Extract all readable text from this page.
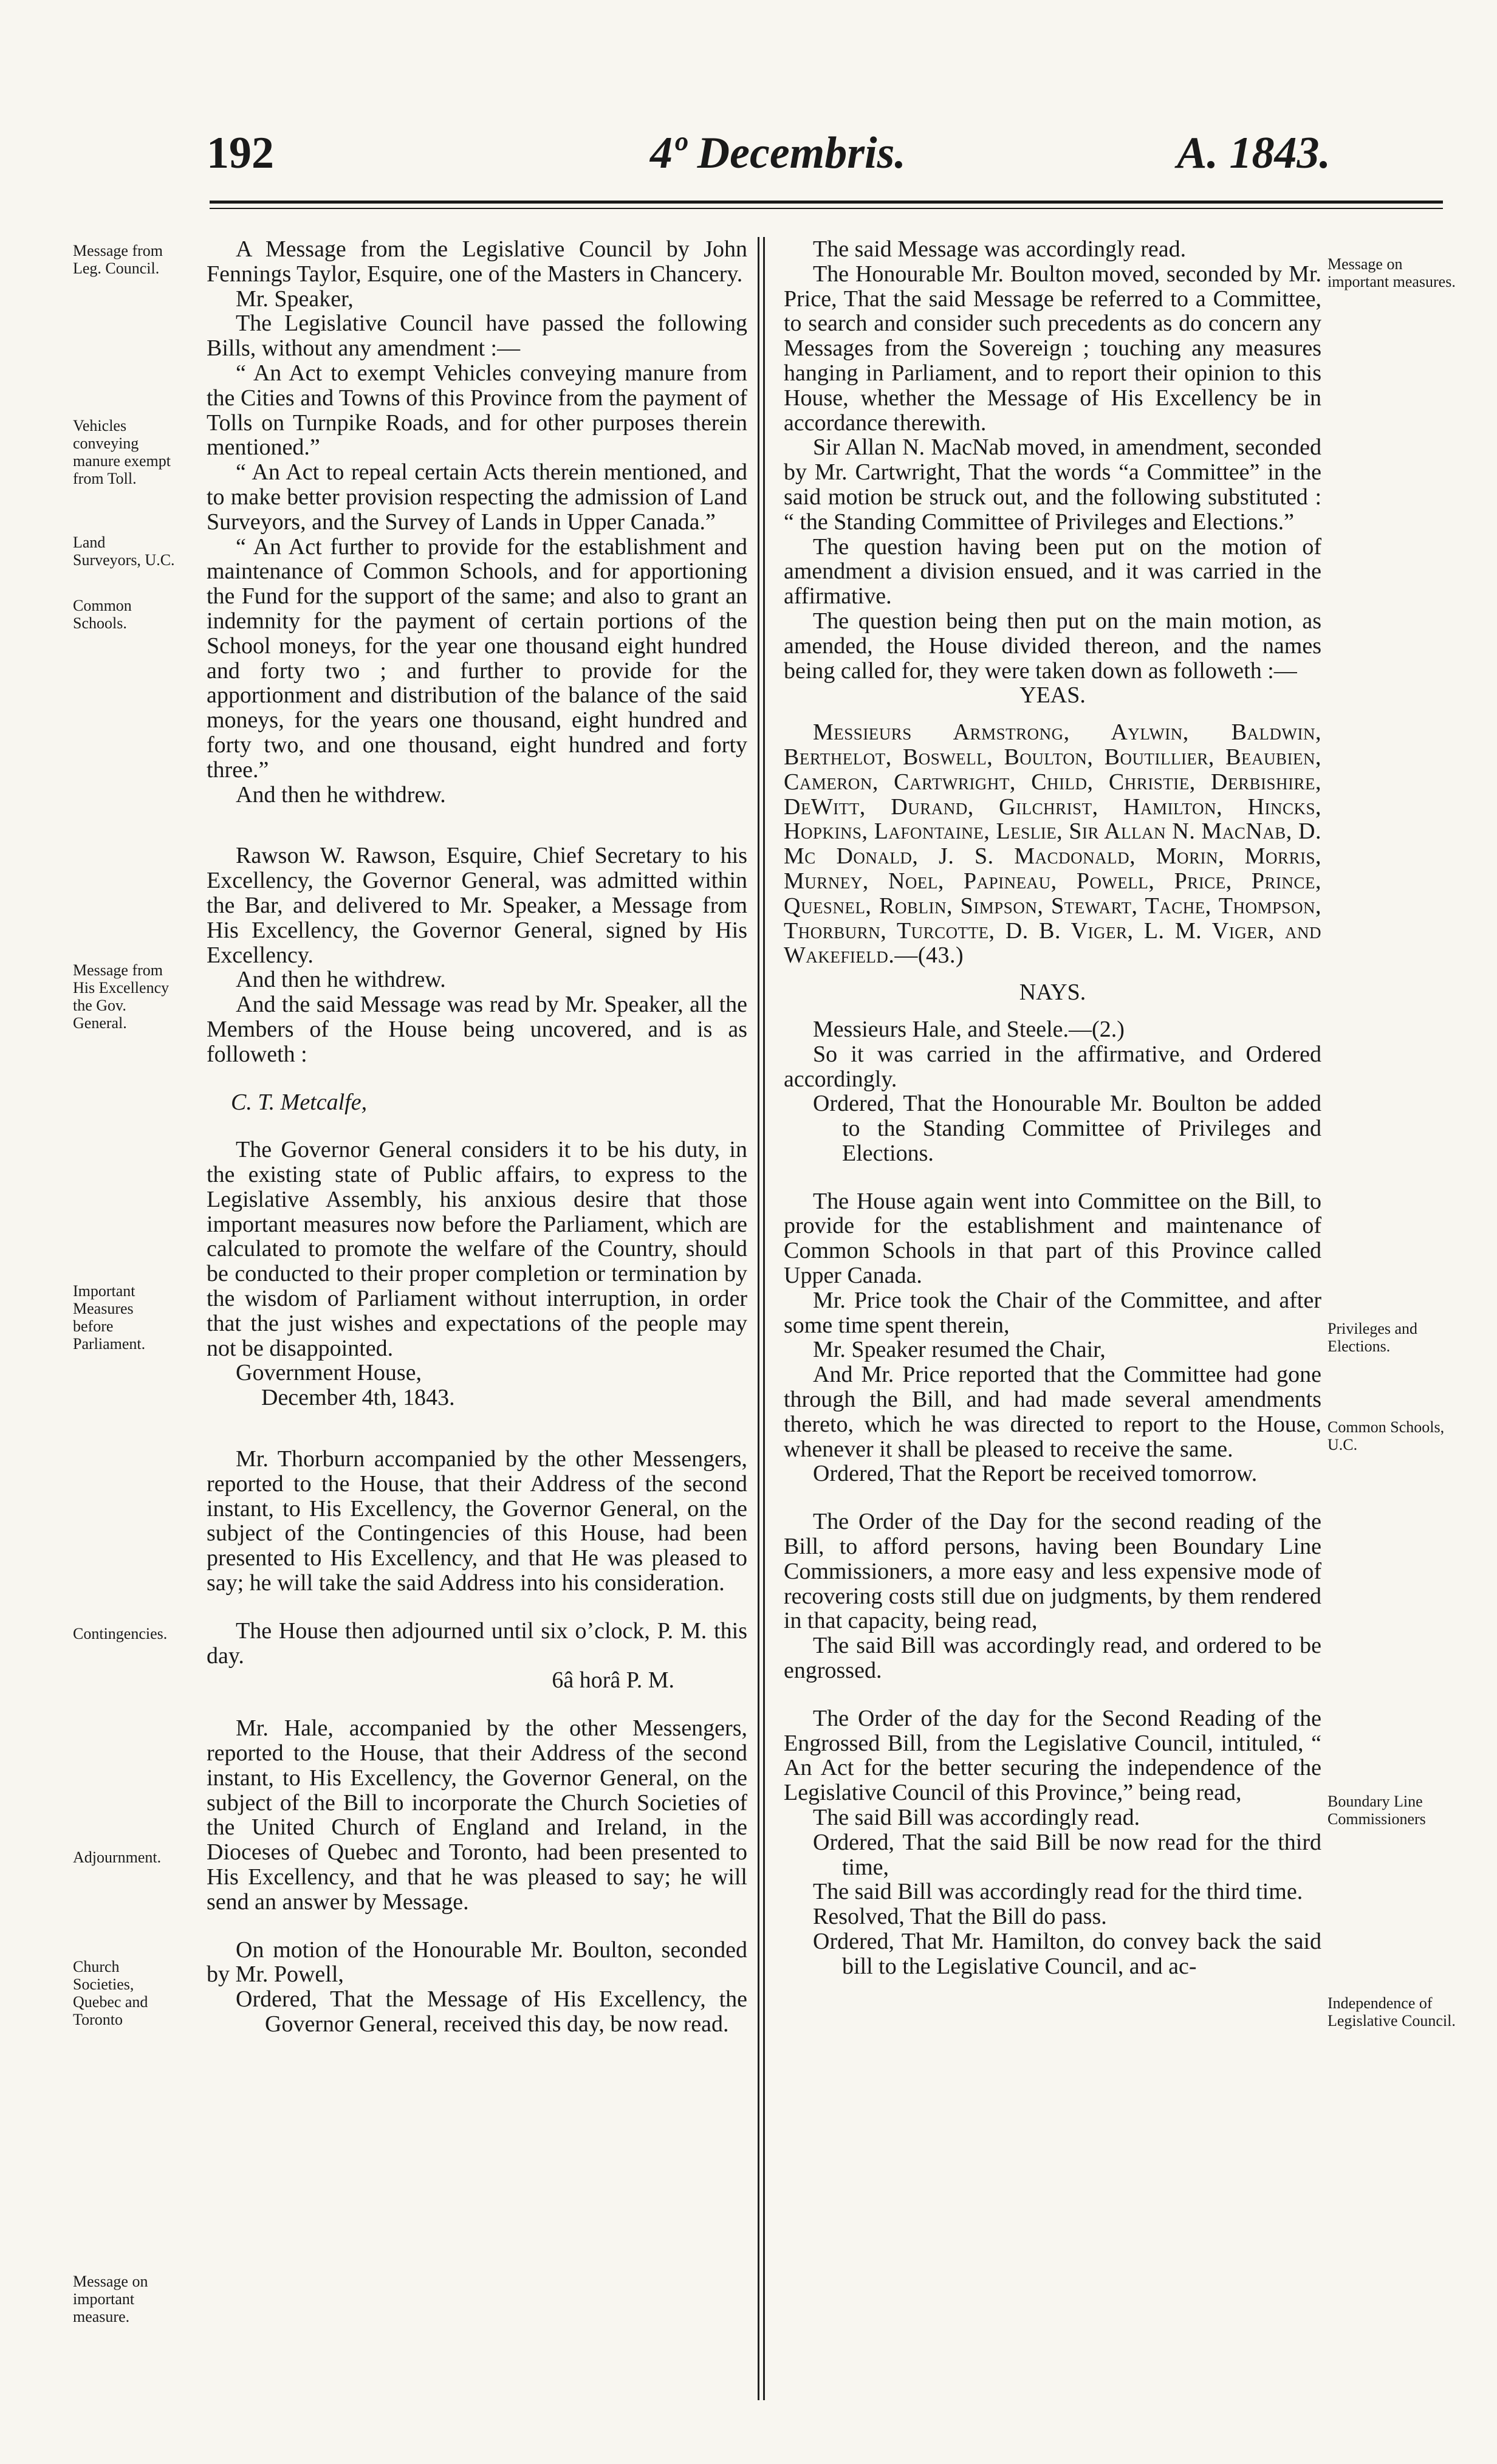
192	4º Decembris.	A. 1843.
Message from Leg. Council.
Vehicles conveying manure exempt from Toll.
Land Surveyors, U.C.
Common Schools.
Message from His Excellency the Gov. General.
Important Measures before Parliament.
Contingencies.
Adjournment.
Church Societies, Quebec and Toronto
Message on important measure.
Message on important measures.
Privileges and Elections.
Common Schools, U.C.
Boundary Line Commissioners
Independence of Legislative Council.

A Message from the Legislative Council by John Fennings Taylor, Esquire, one of the Masters in Chancery.

Mr. Speaker,

The Legislative Council have passed the following Bills, without any amendment :—

“ An Act to exempt Vehicles conveying manure from the Cities and Towns of this Province from the payment of Tolls on Turnpike Roads, and for other purposes therein mentioned.”

“ An Act to repeal certain Acts therein mentioned, and to make better provision respecting the admission of Land Surveyors, and the Survey of Lands in Upper Canada.”

“ An Act further to provide for the establishment and maintenance of Common Schools, and for apportioning the Fund for the support of the same; and also to grant an indemnity for the payment of certain portions of the School moneys, for the year one thousand eight hundred and forty two ; and further to provide for the apportionment and distribution of the balance of the said moneys, for the years one thousand, eight hundred and forty two, and one thousand, eight hundred and forty three.”

And then he withdrew.

Rawson W. Rawson, Esquire, Chief Secretary to his Excellency, the Governor General, was admitted within the Bar, and delivered to Mr. Speaker, a Message from His Excellency, the Governor General, signed by His Excellency.

And then he withdrew.

And the said Message was read by Mr. Speaker, all the Members of the House being uncovered, and is as followeth :

C. T. Metcalfe,

The Governor General considers it to be his duty, in the existing state of Public affairs, to express to the Legislative Assembly, his anxious desire that those important measures now before the Parliament, which are calculated to promote the welfare of the Country, should be conducted to their proper completion or termination by the wisdom of Parliament without interruption, in order that the just wishes and expectations of the people may not be disappointed.

Government House,

December 4th, 1843.

Mr. Thorburn accompanied by the other Messengers, reported to the House, that their Address of the second instant, to His Excellency, the Governor General, on the subject of the Contingencies of this House, had been presented to His Excellency, and that He was pleased to say; he will take the said Address into his consideration.

The House then adjourned until six o’clock, P. M. this day.

6â horâ P. M.

Mr. Hale, accompanied by the other Messengers, reported to the House, that their Address of the second instant, to His Excellency, the Governor General, on the subject of the Bill to incorporate the Church Societies of the United Church of England and Ireland, in the Dioceses of Quebec and Toronto, had been presented to His Excellency, and that he was pleased to say; he will send an answer by Message.

On motion of the Honourable Mr. Boulton, seconded by Mr. Powell,

Ordered, That the Message of His Excellency, the Governor General, received this day, be now read.

The said Message was accordingly read.

The Honourable Mr. Boulton moved, seconded by Mr. Price, That the said Message be referred to a Committee, to search and consider such precedents as do concern any Messages from the Sovereign ; touching any measures hanging in Parliament, and to report their opinion to this House, whether the Message of His Excellency be in accordance therewith.

Sir Allan N. MacNab moved, in amendment, seconded by Mr. Cartwright, That the words “a Committee” in the said motion be struck out, and the following substituted : “ the Standing Committee of Privileges and Elections.”

The question having been put on the motion of amendment a division ensued, and it was carried in the affirmative.

The question being then put on the main motion, as amended, the House divided thereon, and the names being called for, they were taken down as followeth :—

YEAS.

Messieurs Armstrong, Aylwin, Baldwin, Berthelot, Boswell, Boulton, Boutillier, Beaubien, Cameron, Cartwright, Child, Christie, Derbishire, DeWitt, Durand, Gilchrist, Hamilton, Hincks, Hopkins, Lafontaine, Leslie, Sir Allan N. MacNab, D. Mc Donald, J. S. Macdonald, Morin, Morris, Murney, Noel, Papineau, Powell, Price, Prince, Quesnel, Roblin, Simpson, Stewart, Tache, Thompson, Thorburn, Turcotte, D. B. Viger, L. M. Viger, and Wakefield.—(43.)

NAYS.

Messieurs Hale, and Steele.—(2.)

So it was carried in the affirmative, and Ordered accordingly.

Ordered, That the Honourable Mr. Boulton be added to the Standing Committee of Privileges and Elections.

The House again went into Committee on the Bill, to provide for the establishment and maintenance of Common Schools in that part of this Province called Upper Canada.

Mr. Price took the Chair of the Committee, and after some time spent therein,

Mr. Speaker resumed the Chair,

And Mr. Price reported that the Committee had gone through the Bill, and had made several amendments thereto, which he was directed to report to the House, whenever it shall be pleased to receive the same.

Ordered, That the Report be received tomorrow.

The Order of the Day for the second reading of the Bill, to afford persons, having been Boundary Line Commissioners, a more easy and less expensive mode of recovering costs still due on judgments, by them rendered in that capacity, being read,

The said Bill was accordingly read, and ordered to be engrossed.

The Order of the day for the Second Reading of the Engrossed Bill, from the Legislative Council, intituled, “ An Act for the better securing the independence of the Legislative Council of this Province,” being read,

The said Bill was accordingly read.

Ordered, That the said Bill be now read for the third time,

The said Bill was accordingly read for the third time.

Resolved, That the Bill do pass.

Ordered, That Mr. Hamilton, do convey back the said bill to the Legislative Council, and ac-
